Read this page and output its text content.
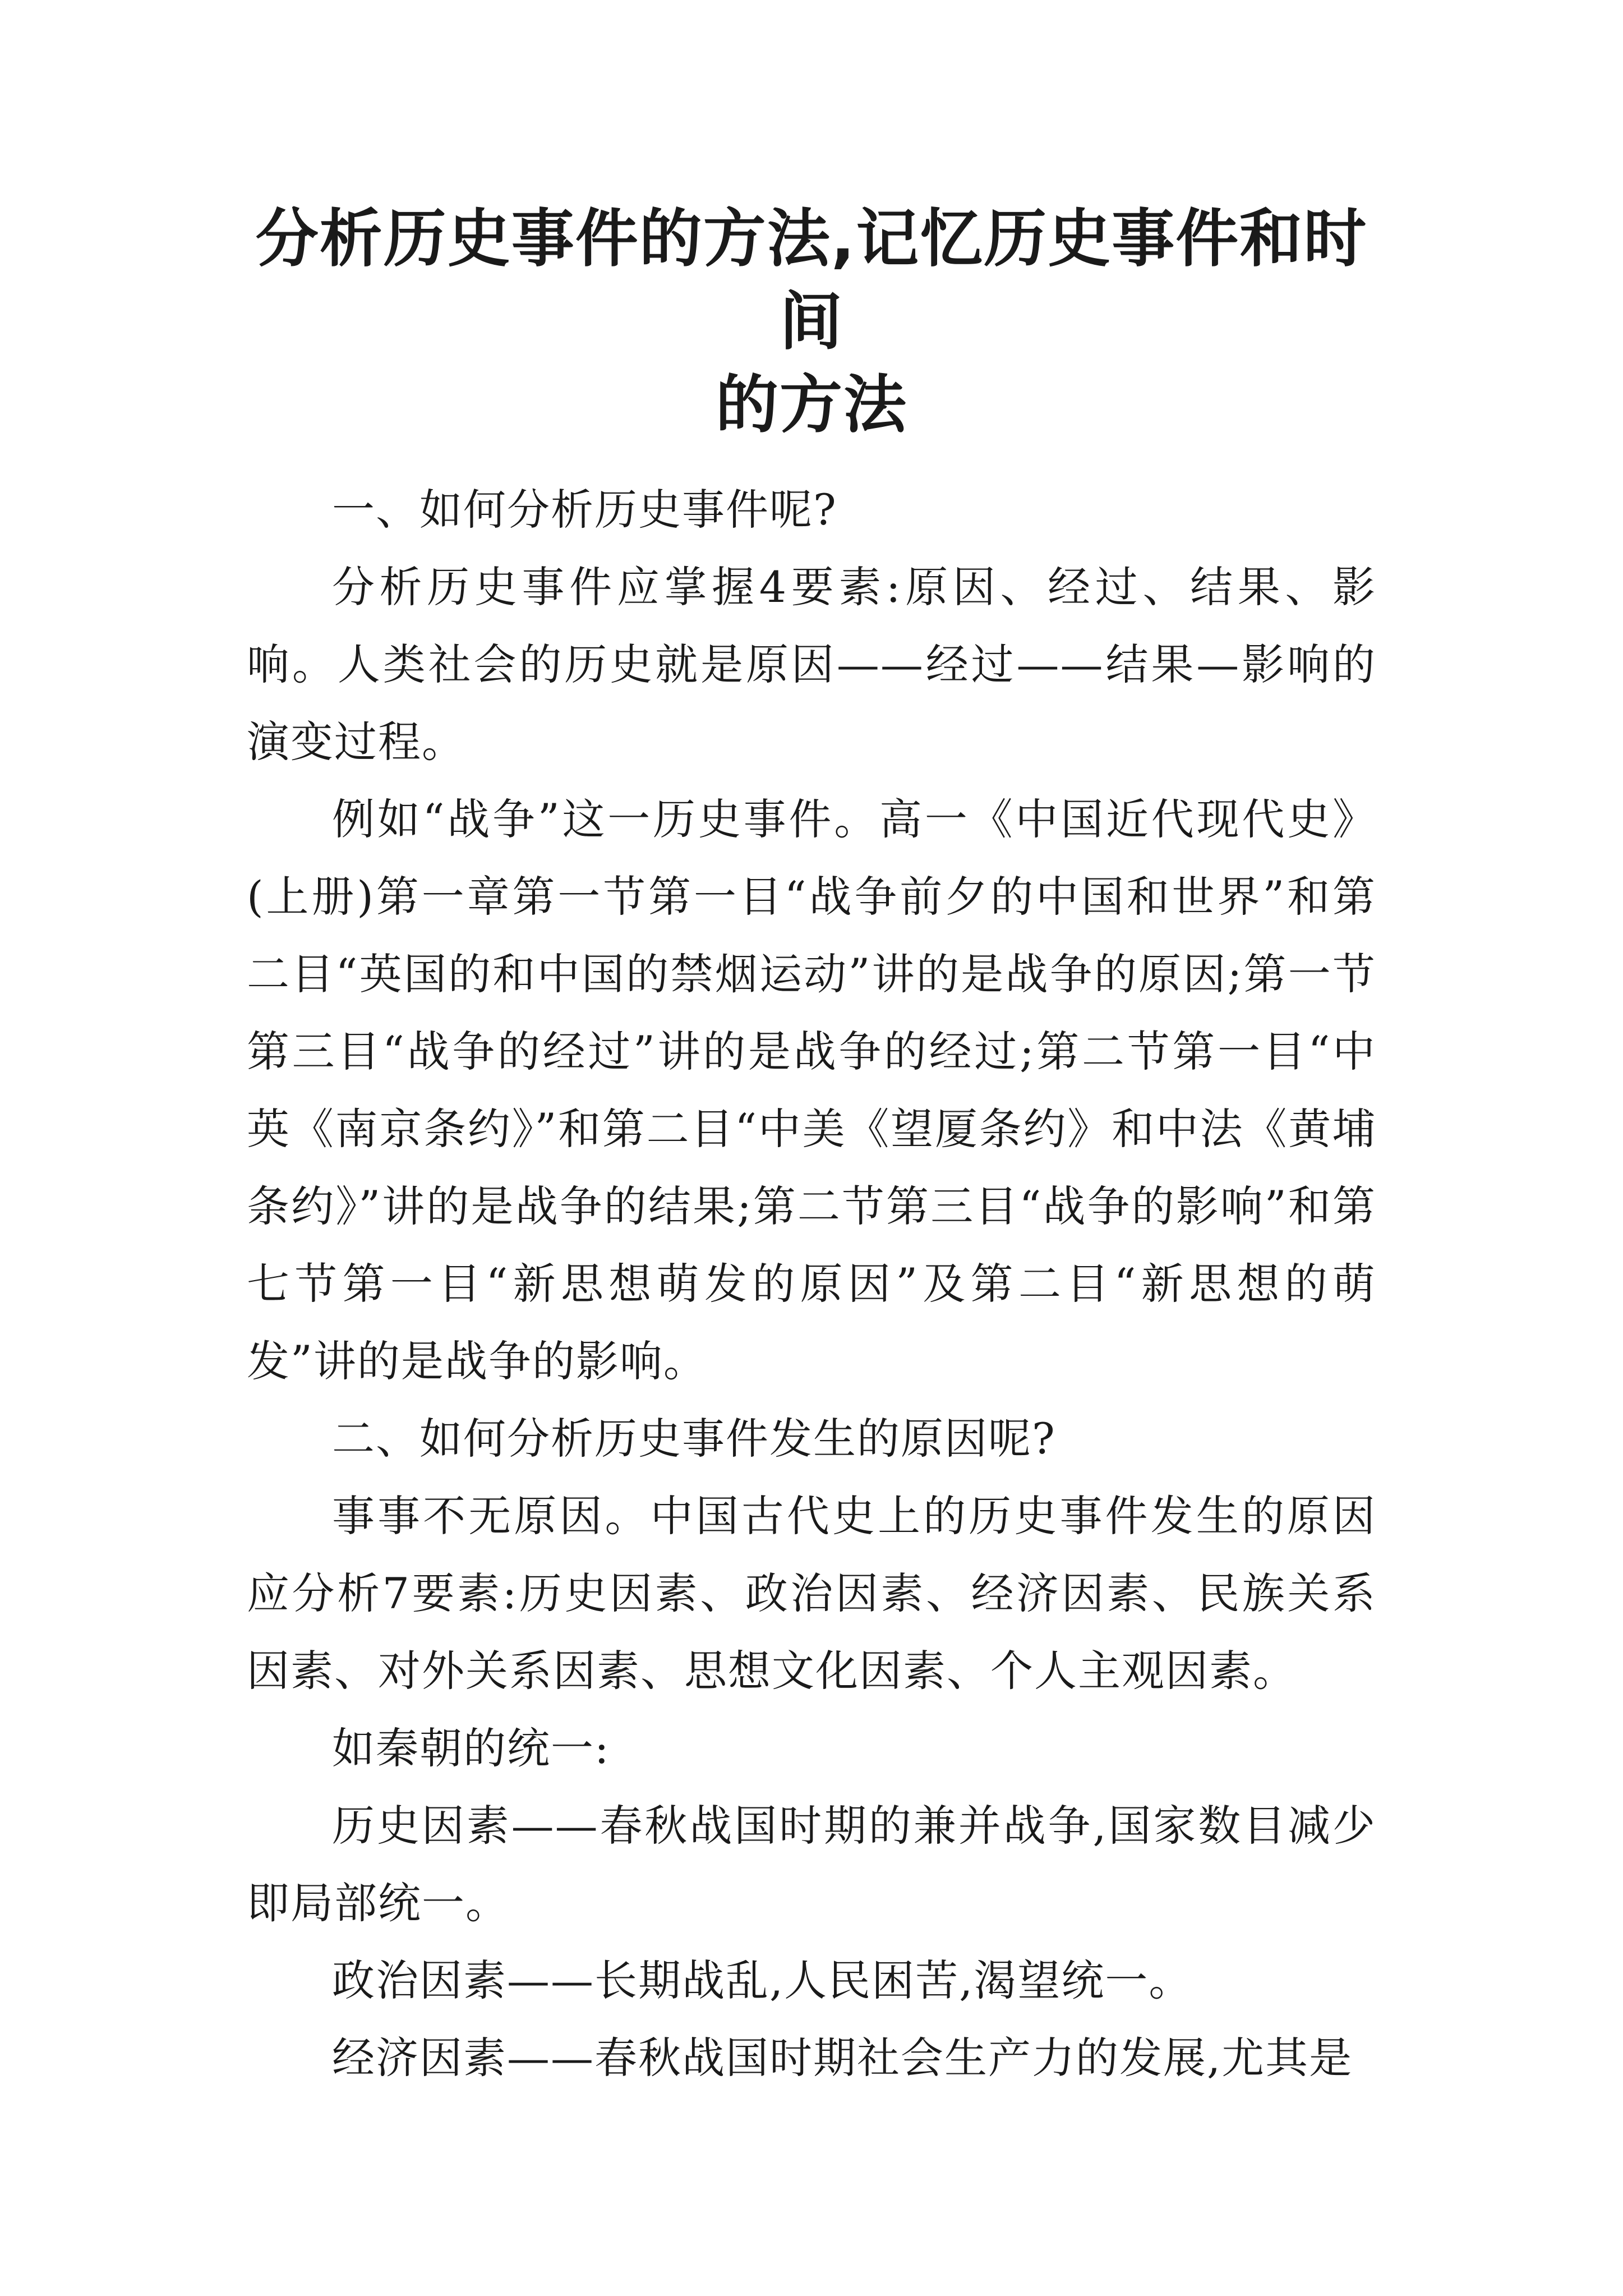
分析历史事件的方法,记忆历史事件和时间
的方法

一、如何分析历史事件呢?

分析历史事件应掌握4要素:原因、经过、结果、影响。人类社会的历史就是原因——经过——结果—影响的演变过程。

例如“战争”这一历史事件。高一《中国近代现代史》(上册)第一章第一节第一目“战争前夕的中国和世界”和第二目“英国的和中国的禁烟运动”讲的是战争的原因;第一节第三目“战争的经过”讲的是战争的经过;第二节第一目“中英《南京条约》”和第二目“中美《望厦条约》和中法《黄埔条约》”讲的是战争的结果;第二节第三目“战争的影响”和第七节第一目“新思想萌发的原因”及第二目“新思想的萌发”讲的是战争的影响。

二、如何分析历史事件发生的原因呢?

事事不无原因。中国古代史上的历史事件发生的原因应分析7要素:历史因素、政治因素、经济因素、民族关系因素、对外关系因素、思想文化因素、个人主观因素。

如秦朝的统一:

历史因素——春秋战国时期的兼并战争,国家数目减少即局部统一。

政治因素——长期战乱,人民困苦,渴望统一。

经济因素——春秋战国时期社会生产力的发展,尤其是
